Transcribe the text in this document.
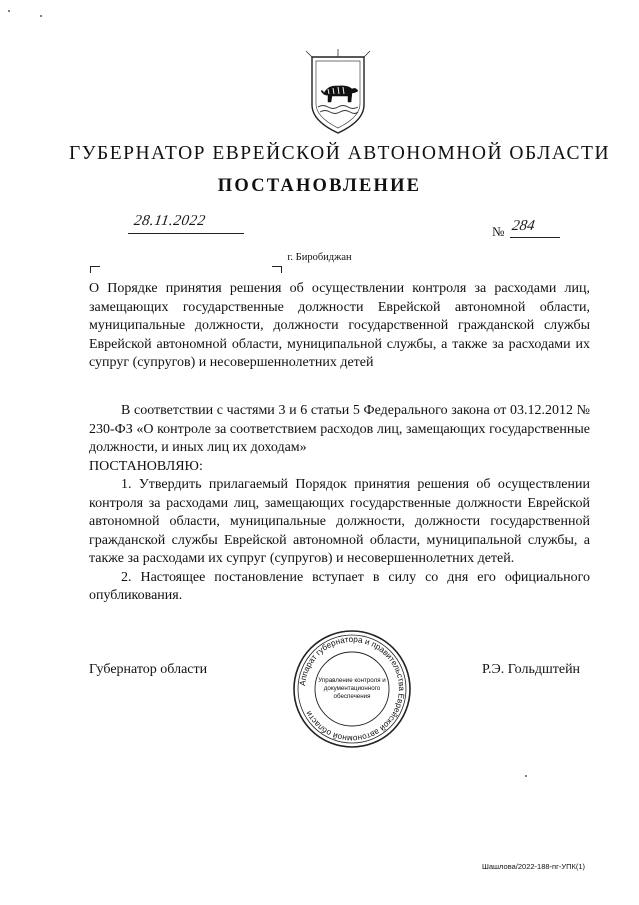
ГУБЕРНАТОР ЕВРЕЙСКОЙ АВТОНОМНОЙ ОБЛАСТИ
ПОСТАНОВЛЕНИЕ
28.11.2022
№ 284
г. Биробиджан
О Порядке принятия решения об осуществлении контроля за расходами лиц, замещающих государственные должности Еврейской автономной области, муниципальные должности, должности государственной гражданской службы Еврейской автономной области, муниципальной службы, а также за расходами их супруг (супругов) и несовершеннолетних детей

В соответствии с частями 3 и 6 статьи 5 Федерального закона от 03.12.2012 № 230-ФЗ «О контроле за соответствием расходов лиц, замещающих государственные должности, и иных лиц их доходам»

ПОСТАНОВЛЯЮ:

1. Утвердить прилагаемый Порядок принятия решения об осуществлении контроля за расходами лиц, замещающих государственные должности Еврейской автономной области, муниципальные должности, должности государственной гражданской службы Еврейской автономной области, муниципальной службы, а также за расходами их супруг (супругов) и несовершеннолетних детей.

2. Настоящее постановление вступает в силу со дня его официального опубликования.

Губернатор области	Р.Э. Гольдштейн
Аппарат губернатора и правительства Еврейской автономной области
Управление контроля и
документационного
обеспечения
Шашлова/2022-188-пг-УПК(1)
